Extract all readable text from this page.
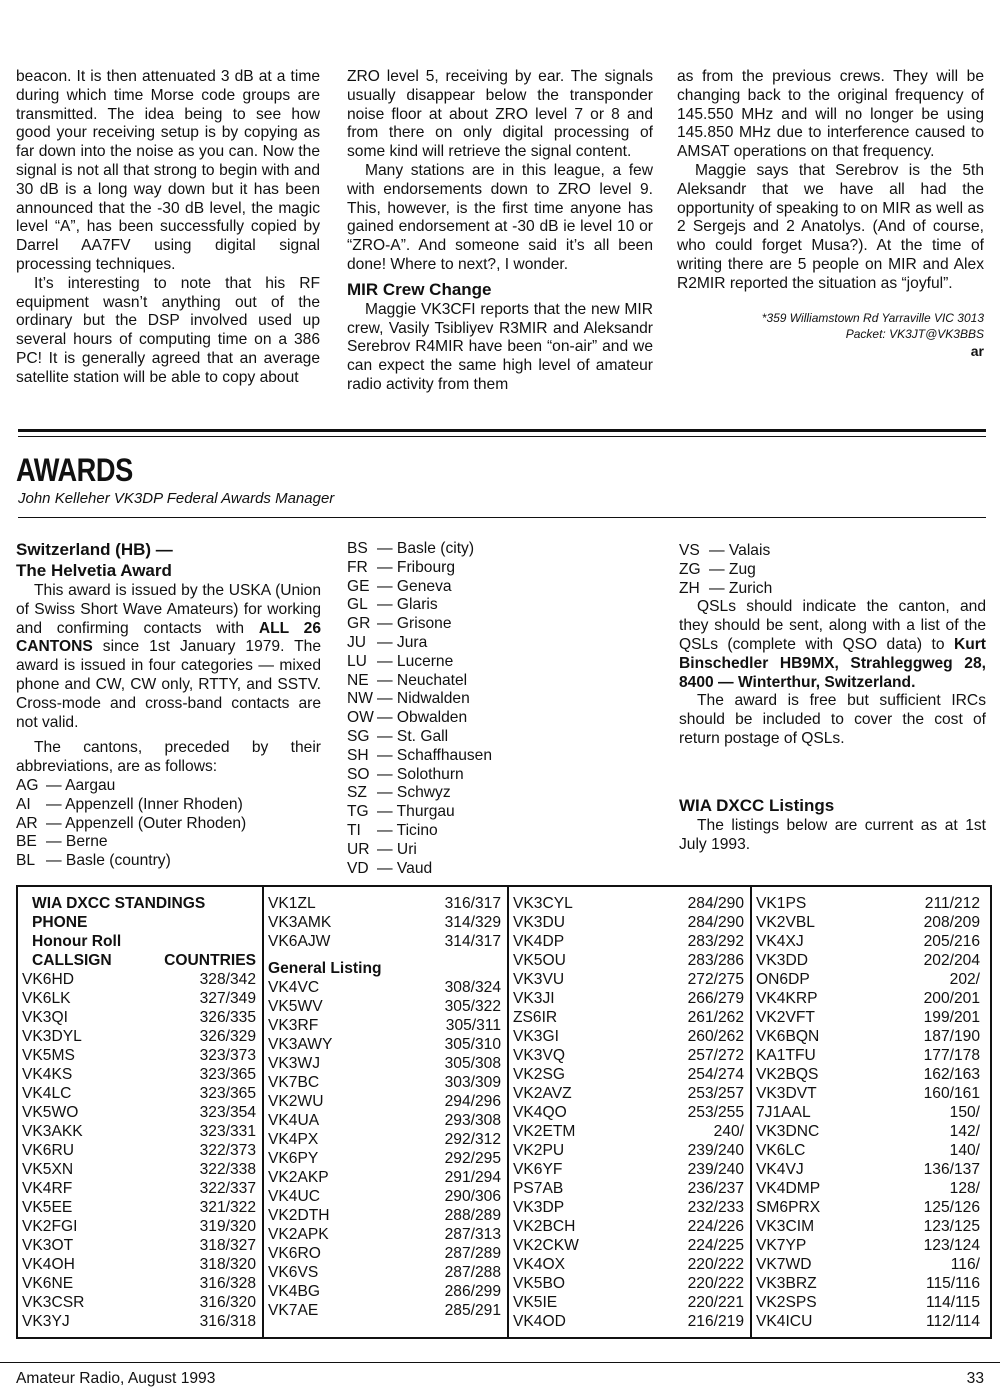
beacon. It is then attenuated 3 dB at a time during which time Morse code groups are transmitted. The idea being to see how good your receiving setup is by copying as far down into the noise as you can. Now the signal is not all that strong to begin with and 30 dB is a long way down but it has been announced that the -30 dB level, the magic level “A”, has been successfully copied by Darrel AA7FV using digital signal processing techniques.

It’s interesting to note that his RF equipment wasn’t anything out of the ordinary but the DSP involved used up several hours of computing time on a 386 PC! It is generally agreed that an average satellite station will be able to copy about

ZRO level 5, receiving by ear. The signals usually disappear below the transponder noise floor at about ZRO level 7 or 8 and from there on only digital processing of some kind will retrieve the signal content.

Many stations are in this league, a few with endorsements down to ZRO level 9. This, however, is the first time anyone has gained endorsement at -30 dB ie level 10 or “ZRO-A”. And someone said it’s all been done! Where to next?, I wonder.

MIR Crew Change

Maggie VK3CFI reports that the new MIR crew, Vasily Tsibliyev R3MIR and Aleksandr Serebrov R4MIR have been “on-air” and we can expect the same high level of amateur radio activity from them

as from the previous crews. They will be changing back to the original frequency of 145.550 MHz and will no longer be using 145.850 MHz due to interference caused to AMSAT operations on that frequency.

Maggie says that Serebrov is the 5th Aleksandr that we have all had the opportunity of speaking to on MIR as well as 2 Sergejs and 2 Anatolys. (And of course, who could forget Musa?). At the time of writing there are 5 people on MIR and Alex R2MIR reported the situation as “joyful”.

*359 Williamstown Rd Yarraville VIC 3013
Packet: VK3JT@VK3BBS
ar
AWARDS
John Kelleher VK3DP Federal Awards Manager
Switzerland (HB) —
The Helvetia Award

This award is issued by the USKA (Union of Swiss Short Wave Amateurs) for working and confirming contacts with ALL 26 CANTONS since 1st January 1979. The award is issued in four categories — mixed phone and CW, CW only, RTTY, and SSTV. Cross-mode and cross-band contacts are not valid.

The cantons, preceded by their abbreviations, are as follows:

AG — Aargau
AI — Appenzell (Inner Rhoden)
AR — Appenzell (Outer Rhoden)
BE — Berne
BL — Basle (country)
BS — Basle (city)
FR — Fribourg
GE — Geneva
GL — Glaris
GR — Grisone
JU — Jura
LU — Lucerne
NE — Neuchatel
NW — Nidwalden
OW — Obwalden
SG — St. Gall
SH — Schaffhausen
SO — Solothurn
SZ — Schwyz
TG — Thurgau
TI	— Ticino
UR — Uri
VD — Vaud
VS — Valais
ZG — Zug
ZH — Zurich

QSLs should indicate the canton, and they should be sent, along with a list of the QSLs (complete with QSO data) to Kurt Binschedler HB9MX, Strahleggweg 28, 8400 — Winterthur, Switzerland.

The award is free but sufficient IRCs should be included to cover the cost of return postage of QSLs.

WIA DXCC Listings

The listings below are current as at 1st July 1993.

WIA DXCC STANDINGS
PHONE
Honour Roll
CALLSIGN	COUNTRIES
VK6HD	328/342
VK6LK	327/349
VK3QI	326/335
VK3DYL	326/329
VK5MS	323/373
VK4KS	323/365
VK4LC	323/365
VK5WO	323/354
VK3AKK	323/331
VK6RU	322/373
VK5XN	322/338
VK4RF	322/337
VK5EE	321/322
VK2FGI	319/320
VK3OT	318/327
VK4OH	318/320
VK6NE	316/328
VK3CSR	316/320
VK3YJ	316/318
VK1ZL	316/317
VK3AMK	314/329
VK6AJW	314/317
General Listing
VK4VC	308/324
VK5WV	305/322
VK3RF	305/311
VK3AWY	305/310
VK3WJ	305/308
VK7BC	303/309
VK2WU	294/296
VK4UA	293/308
VK4PX	292/312
VK6PY	292/295
VK2AKP	291/294
VK4UC	290/306
VK2DTH	288/289
VK2APK	287/313
VK6RO	287/289
VK6VS	287/288
VK4BG	286/299
VK7AE	285/291
VK3CYL	284/290
VK3DU	284/290
VK4DP	283/292
VK5OU	283/286
VK3VU	272/275
VK3JI	266/279
ZS6IR	261/262
VK3GI	260/262
VK3VQ	257/272
VK2SG	254/274
VK2AVZ	253/257
VK4QO	253/255
VK2ETM	240/
VK2PU	239/240
VK6YF	239/240
PS7AB	236/237
VK3DP	232/233
VK2BCH	224/226
VK2CKW	224/225
VK4OX	220/222
VK5BO	220/222
VK5IE	220/221
VK4OD	216/219
VK1PS	211/212
VK2VBL	208/209
VK4XJ	205/216
VK3DD	202/204
ON6DP	202/
VK4KRP	200/201
VK2VFT	199/201
VK6BQN	187/190
KA1TFU	177/178
VK2BQS	162/163
VK3DVT	160/161
7J1AAL	150/
VK3DNC	142/
VK6LC	140/
VK4VJ	136/137
VK4DMP	128/
SM6PRX	125/126
VK3CIM	123/125
VK7YP	123/124
VK7WD	116/
VK3BRZ	115/116
VK2SPS	114/115
VK4ICU	112/114
Amateur Radio, August 1993	33
